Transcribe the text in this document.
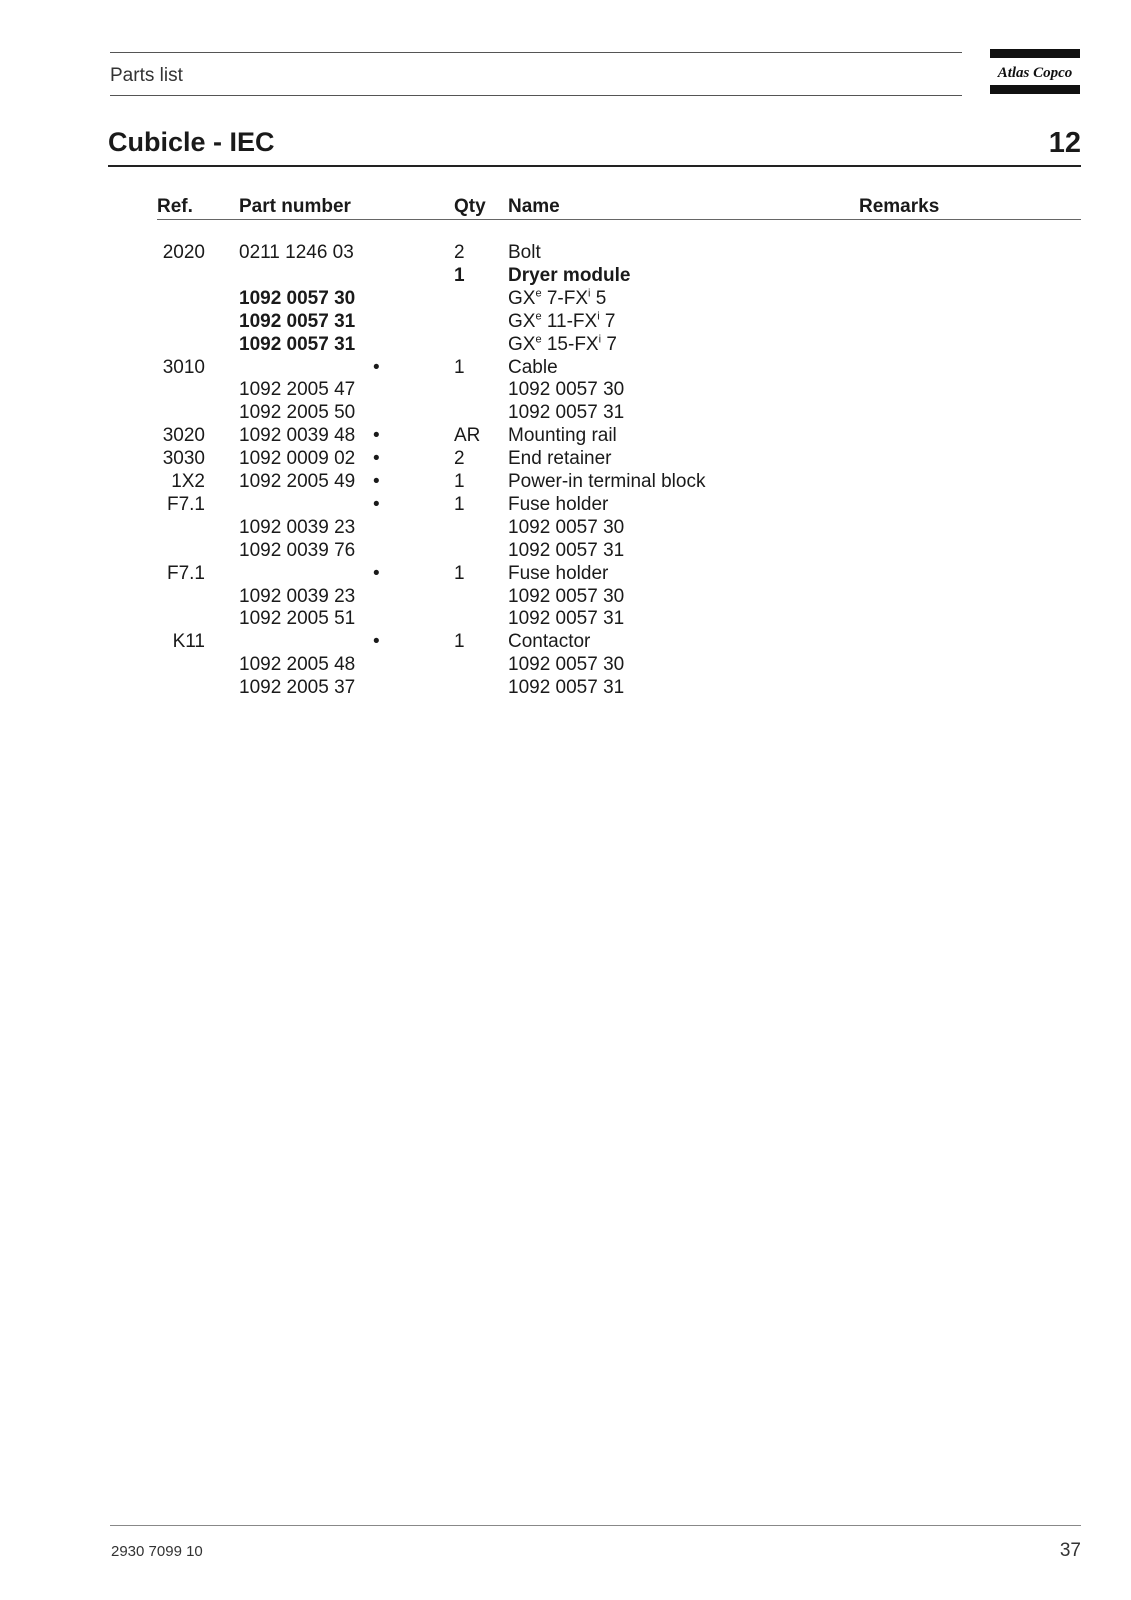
Parts list	Atlas Copco
Cubicle - IEC	12
Ref. Part number	Qty Name	Remarks
2020 0211 1246 03	2 Bolt
1 Dryer module
1092 0057 30	$GX^e$ $7-FX^i$ 5
1092 0057 31	$GX^e$ $11-FX^i$ 7
1092 0057 31	$GX^e$ $15-FX^i$ 7
3010	•	1 Cable
1092 2005 47	1092 0057 30
1092 2005 50	1092 0057 31
3020 1092 0039 48 •	AR Mounting rail
3030 1092 0009 02 •	2 End retainer
1X2 1092 2005 49 •	1 Power-in terminal block
F7.1	•	1 Fuse holder
1092 0039 23	1092 0057 30
1092 0039 76	1092 0057 31
F7.1	•	1 Fuse holder
1092 0039 23	1092 0057 30
1092 2005 51	1092 0057 31
K11	•	1 Contactor
1092 2005 48	1092 0057 30
1092 2005 37	1092 0057 31
2930 7099 10	37
